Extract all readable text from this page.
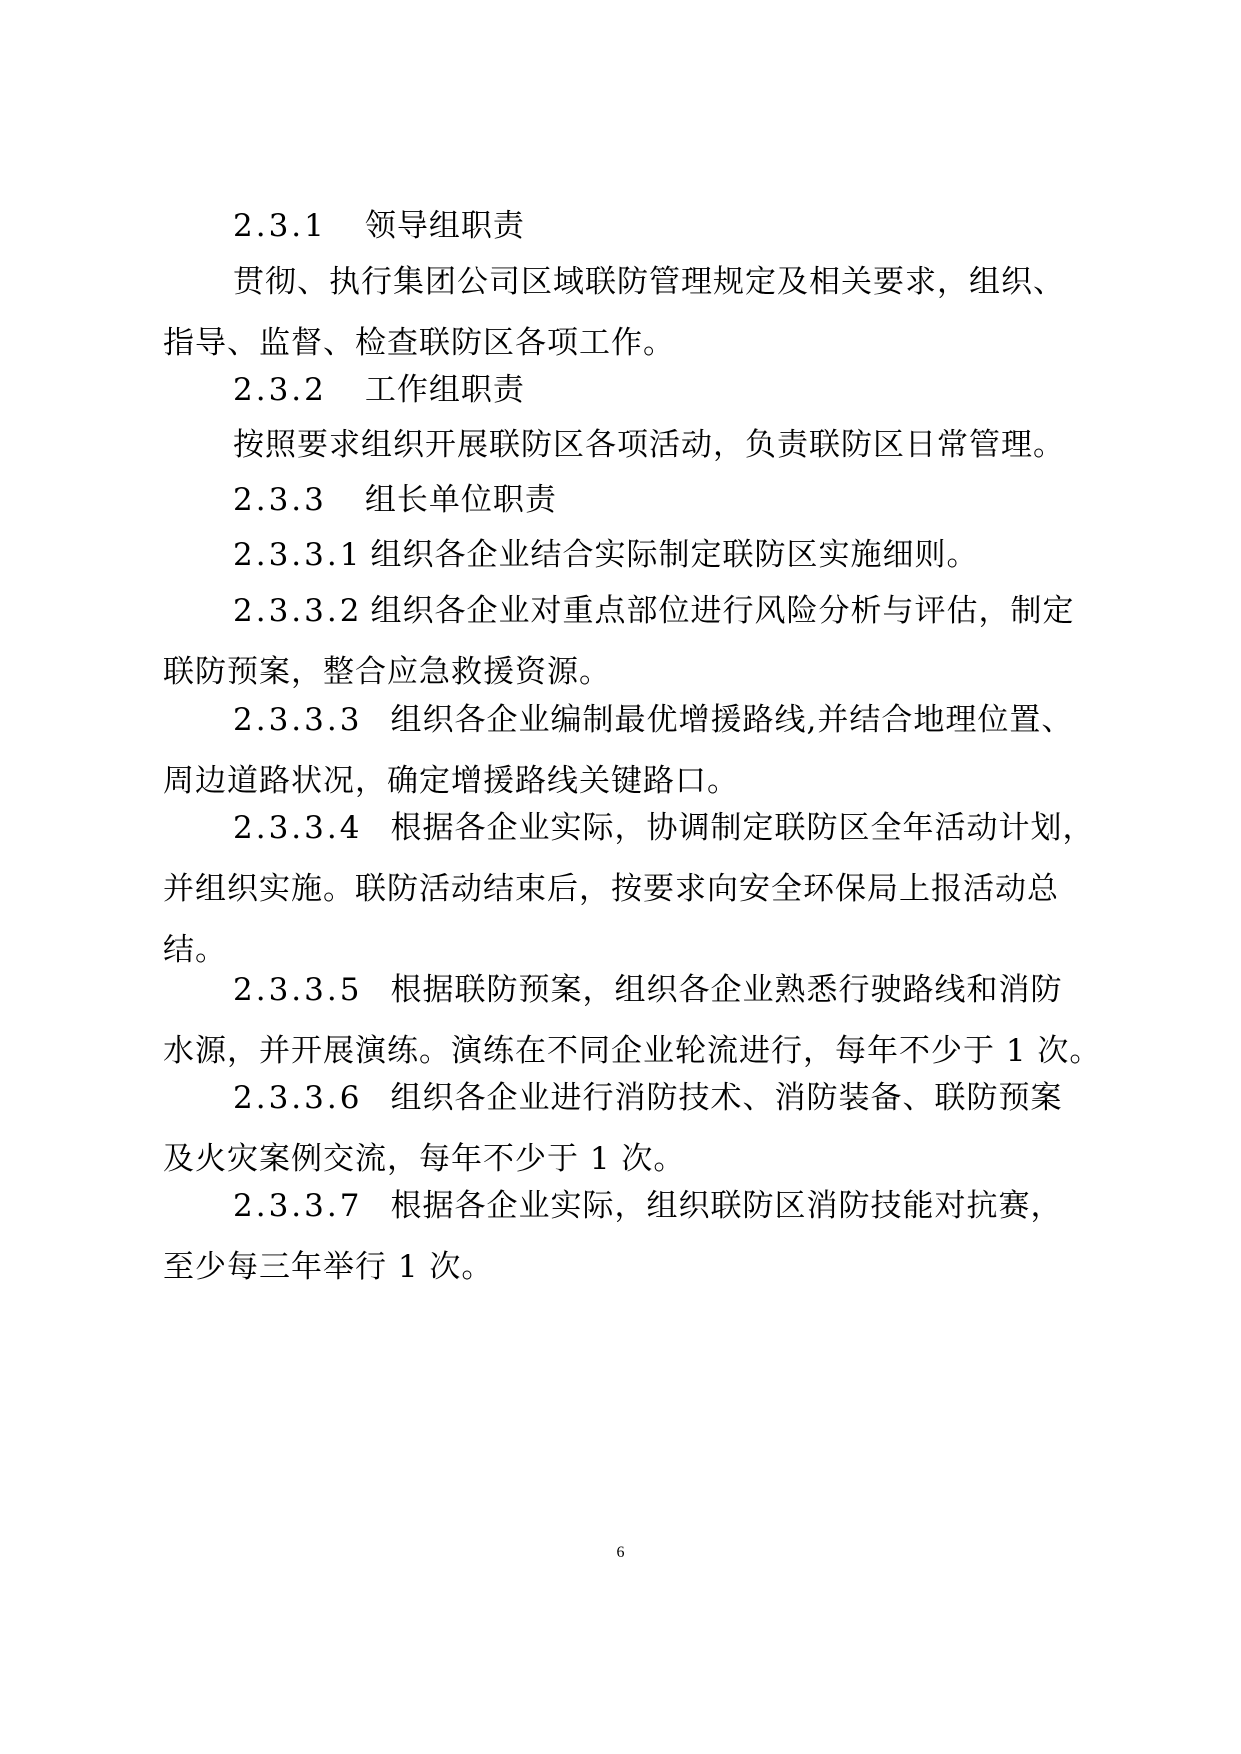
2.3.1 领导组职责
贯彻、执行集团公司区域联防管理规定及相关要求，组织、
指导、监督、检查联防区各项工作。
2.3.2 工作组职责
按照要求组织开展联防区各项活动，负责联防区日常管理。
2.3.3 组长单位职责
2.3.3.1 组织各企业结合实际制定联防区实施细则。
2.3.3.2 组织各企业对重点部位进行风险分析与评估，制定
联防预案，整合应急救援资源。
2.3.3.3 组织各企业编制最优增援路线,并结合地理位置、
周边道路状况，确定增援路线关键路口。
2.3.3.4 根据各企业实际，协调制定联防区全年活动计划，
并组织实施。联防活动结束后，按要求向安全环保局上报活动总
结。
2.3.3.5 根据联防预案，组织各企业熟悉行驶路线和消防
水源，并开展演练。演练在不同企业轮流进行，每年不少于 1 次。
2.3.3.6 组织各企业进行消防技术、消防装备、联防预案
及火灾案例交流，每年不少于 1 次。
2.3.3.7 根据各企业实际，组织联防区消防技能对抗赛，
至少每三年举行 1 次。
6
